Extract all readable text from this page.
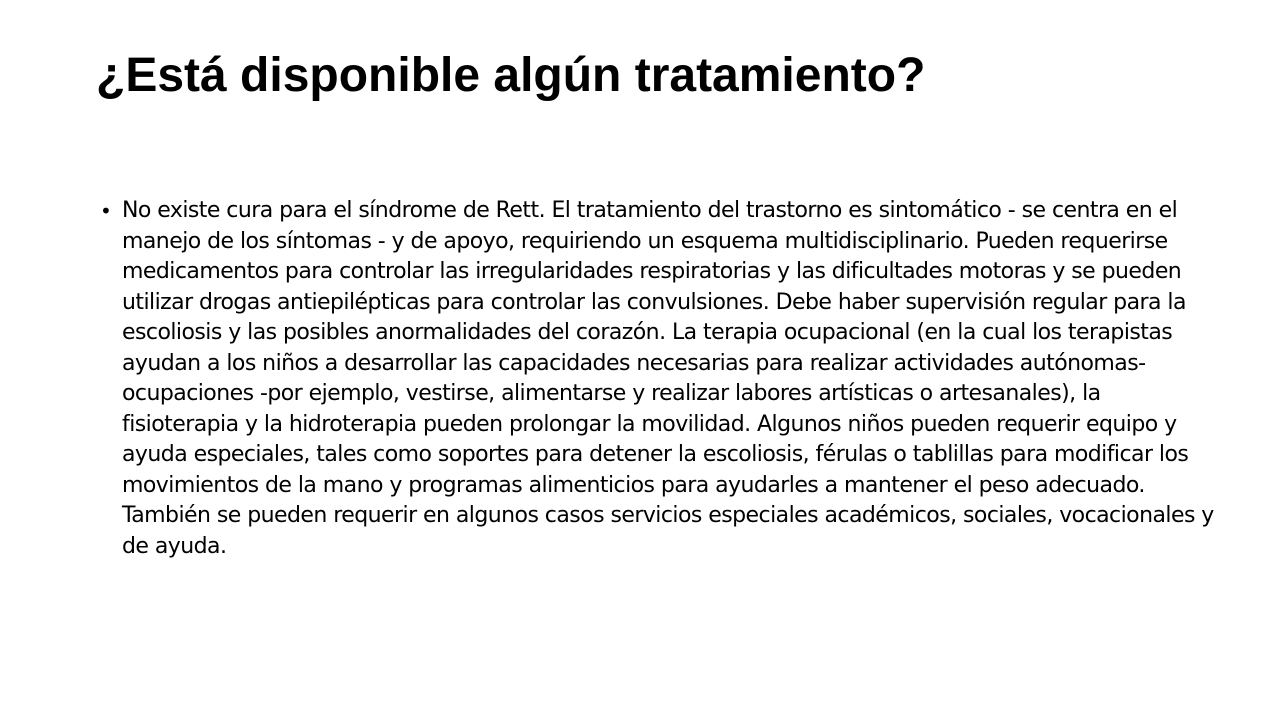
¿Está disponible algún tratamiento?
• No existe cura para el síndrome de Rett. El tratamiento del trastorno es sintomático - se centra en el manejo de los síntomas - y de apoyo, requiriendo un esquema multidisciplinario. Pueden requerirse medicamentos para controlar las irregularidades respiratorias y las dificultades motoras y se pueden utilizar drogas antiepilépticas para controlar las convulsiones. Debe haber supervisión regular para la escoliosis y las posibles anormalidades del corazón. La terapia ocupacional (en la cual los terapistas ayudan a los niños a desarrollar las capacidades necesarias para realizar actividades autónomas- ocupaciones -por ejemplo, vestirse, alimentarse y realizar labores artísticas o artesanales), la fisioterapia y la hidroterapia pueden prolongar la movilidad. Algunos niños pueden requerir equipo y ayuda especiales, tales como soportes para detener la escoliosis, férulas o tablillas para modificar los movimientos de la mano y programas alimenticios para ayudarles a mantener el peso adecuado. También se pueden requerir en algunos casos servicios especiales académicos, sociales, vocacionales y de ayuda.
